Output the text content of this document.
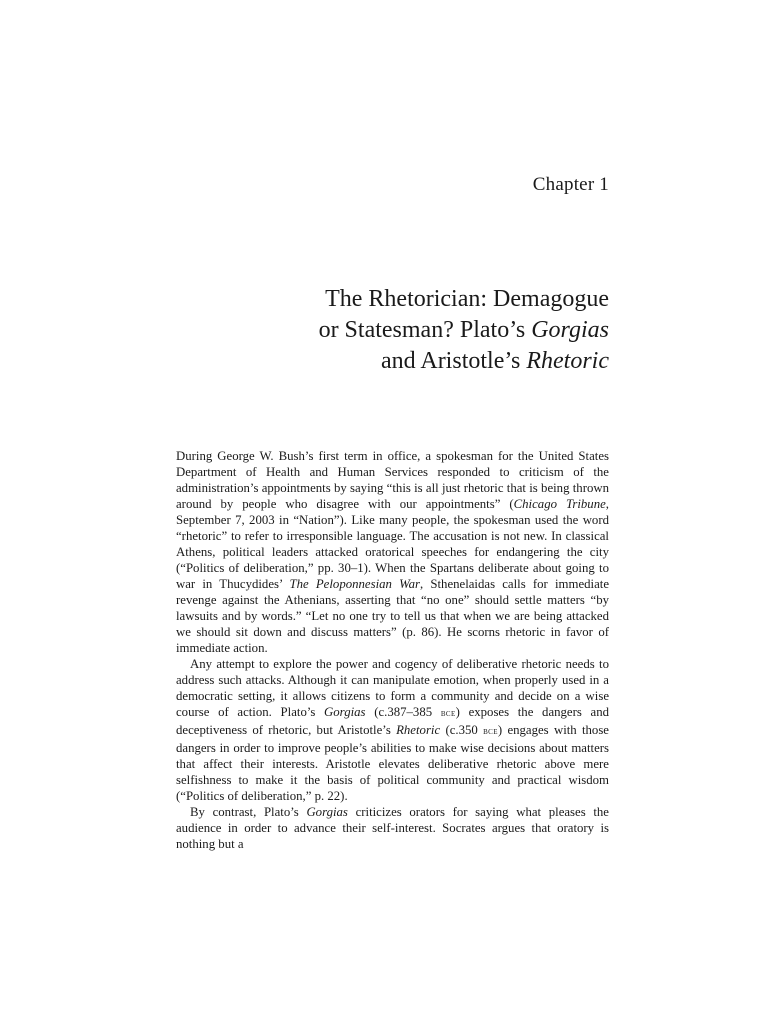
Chapter 1
The Rhetorician: Demagogue
or Statesman? Plato’s Gorgias
and Aristotle’s Rhetoric

During George W. Bush’s first term in office, a spokesman for the United States Department of Health and Human Services responded to criticism of the administration’s appointments by saying “this is all just rhetoric that is being thrown around by people who disagree with our appointments” (Chicago Tribune, September 7, 2003 in “Nation”). Like many people, the spokesman used the word “rhetoric” to refer to irresponsible language. The accusation is not new. In classical Athens, political leaders attacked oratorical speeches for endangering the city (“Politics of deliberation,” pp. 30–1). When the Spartans deliberate about going to war in Thucydides’ The Peloponnesian War, Sthenelaidas calls for immediate revenge against the Athenians, asserting that “no one” should settle matters “by lawsuits and by words.” “Let no one try to tell us that when we are being attacked we should sit down and discuss matters” (p. 86). He scorns rhetoric in favor of immediate action.

Any attempt to explore the power and cogency of deliberative rhetoric needs to address such attacks. Although it can manipulate emotion, when properly used in a democratic setting, it allows citizens to form a community and decide on a wise course of action. Plato’s Gorgias (c.387–385 bce) exposes the dangers and deceptiveness of rhetoric, but Aristotle’s Rhetoric (c.350 bce) engages with those dangers in order to improve people’s abilities to make wise decisions about matters that affect their interests. Aristotle elevates deliberative rhetoric above mere selfishness to make it the basis of political community and practical wisdom (“Politics of deliberation,” p. 22).

By contrast, Plato’s Gorgias criticizes orators for saying what pleases the audience in order to advance their self-interest. Socrates argues that oratory is nothing but a
